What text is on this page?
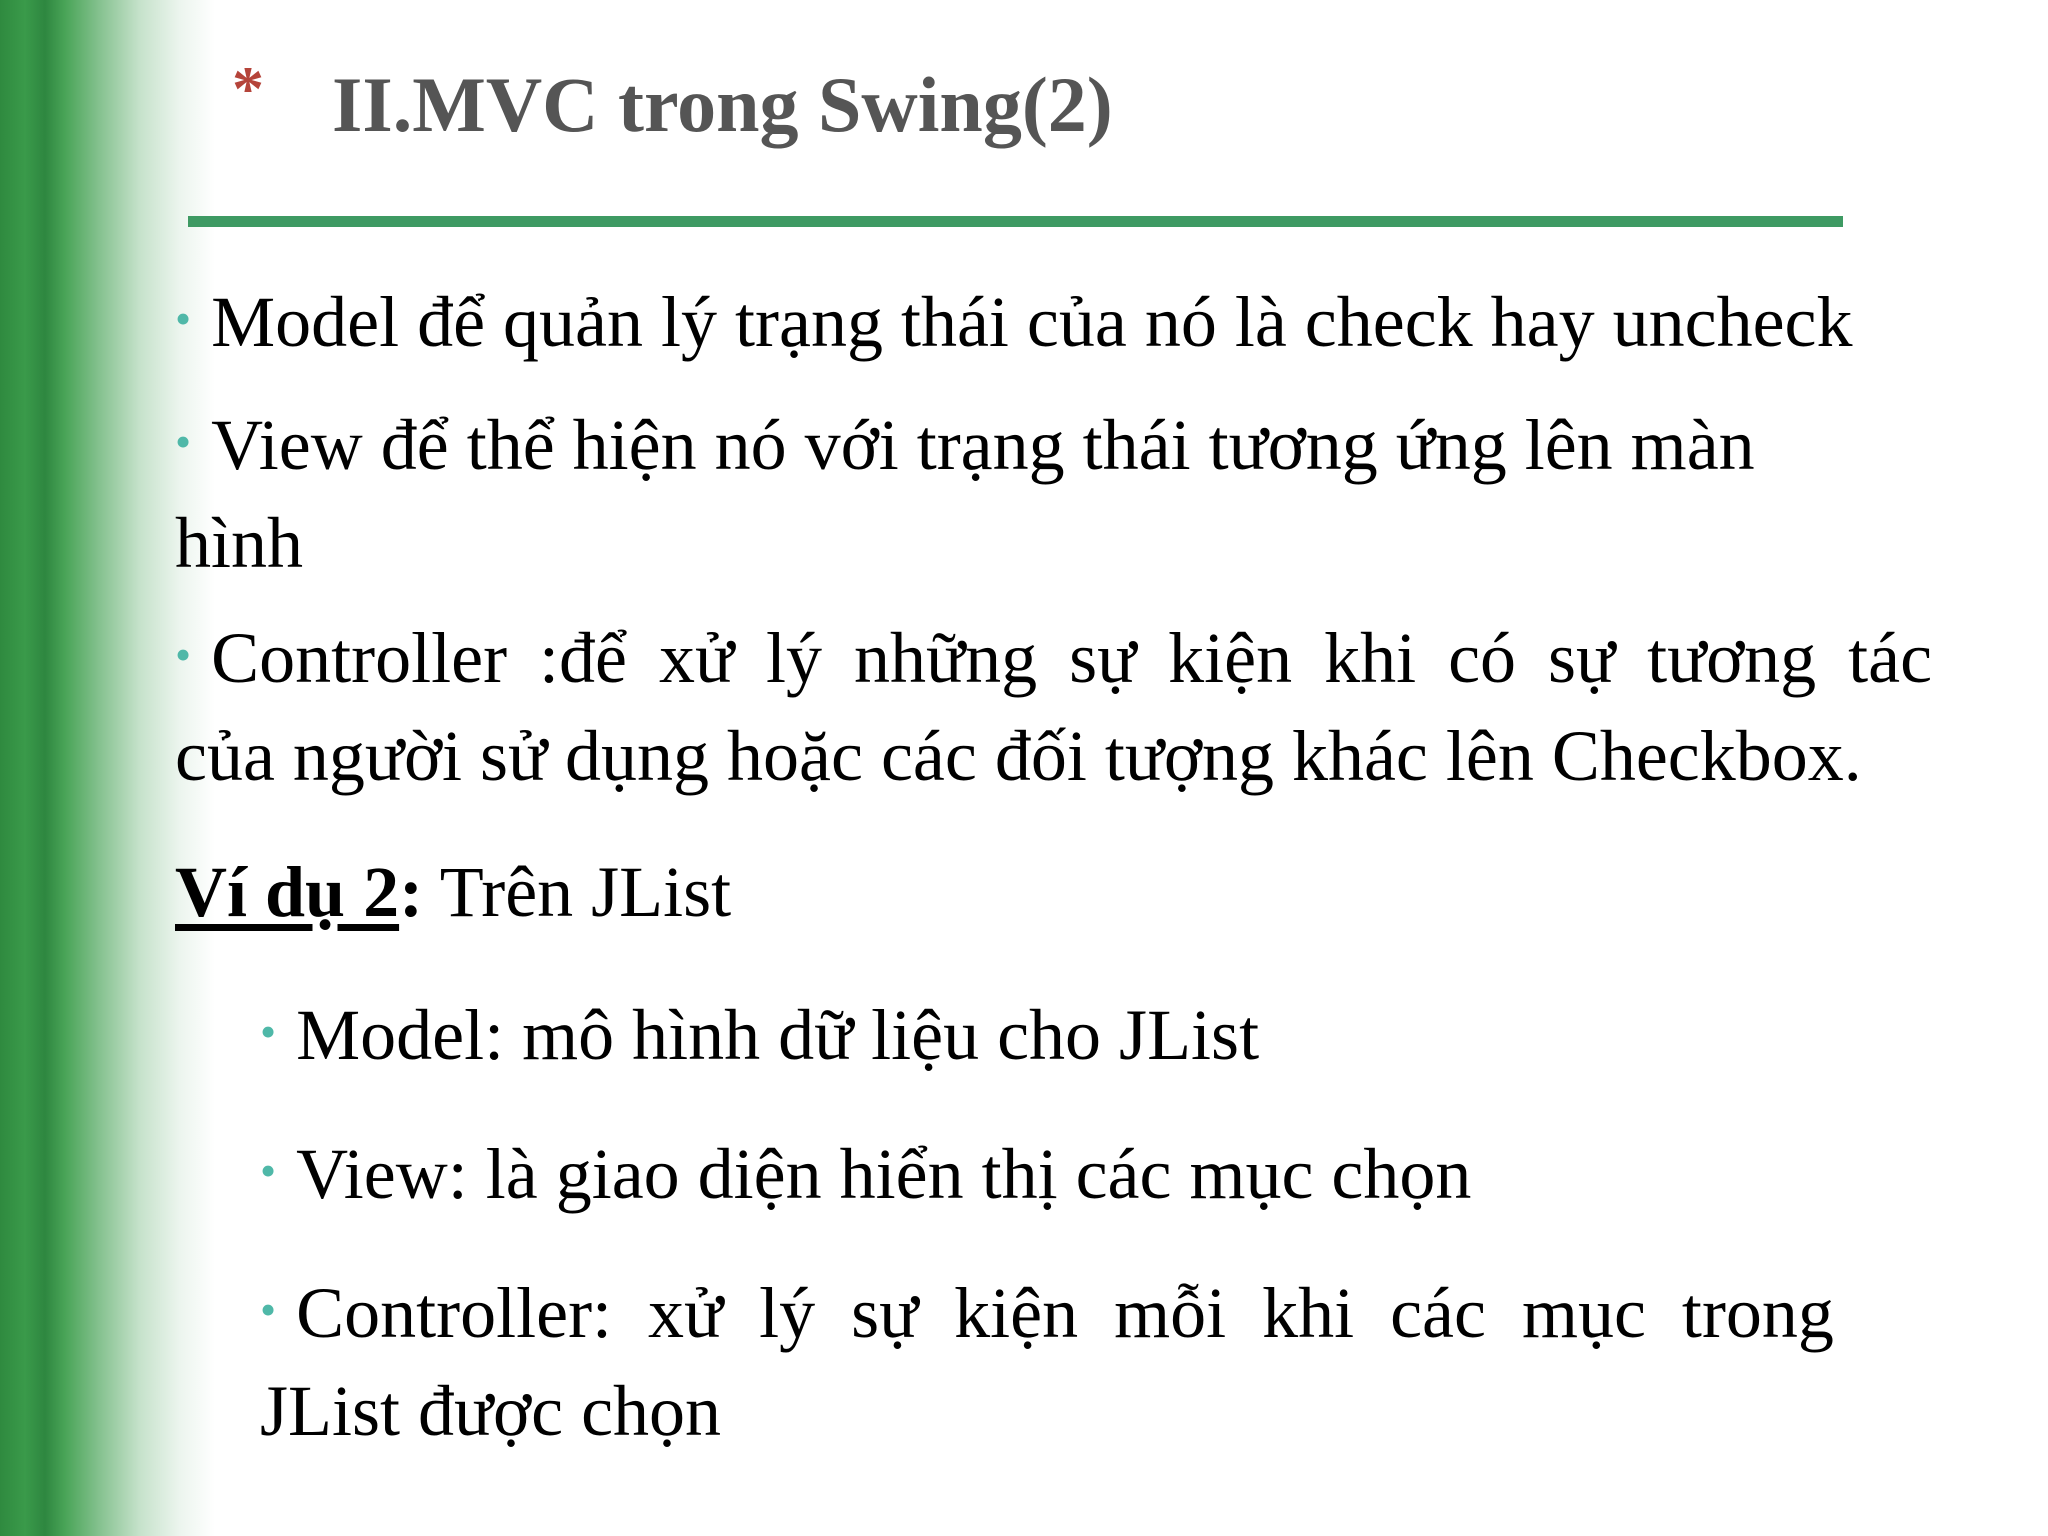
* II.MVC trong Swing(2)
• Model để quản lý trạng thái của nó là check hay uncheck
• View để thể hiện nó với trạng thái tương ứng lên màn
hình
• Controller :để xử lý những sự kiện khi có sự tương tác
của người sử dụng hoặc các đối tượng khác lên Checkbox.
Ví dụ 2: Trên JList
• Model: mô hình dữ liệu cho JList
• View: là giao diện hiển thị các mục chọn
• Controller: xử lý sự kiện mỗi khi các mục trong
JList được chọn
